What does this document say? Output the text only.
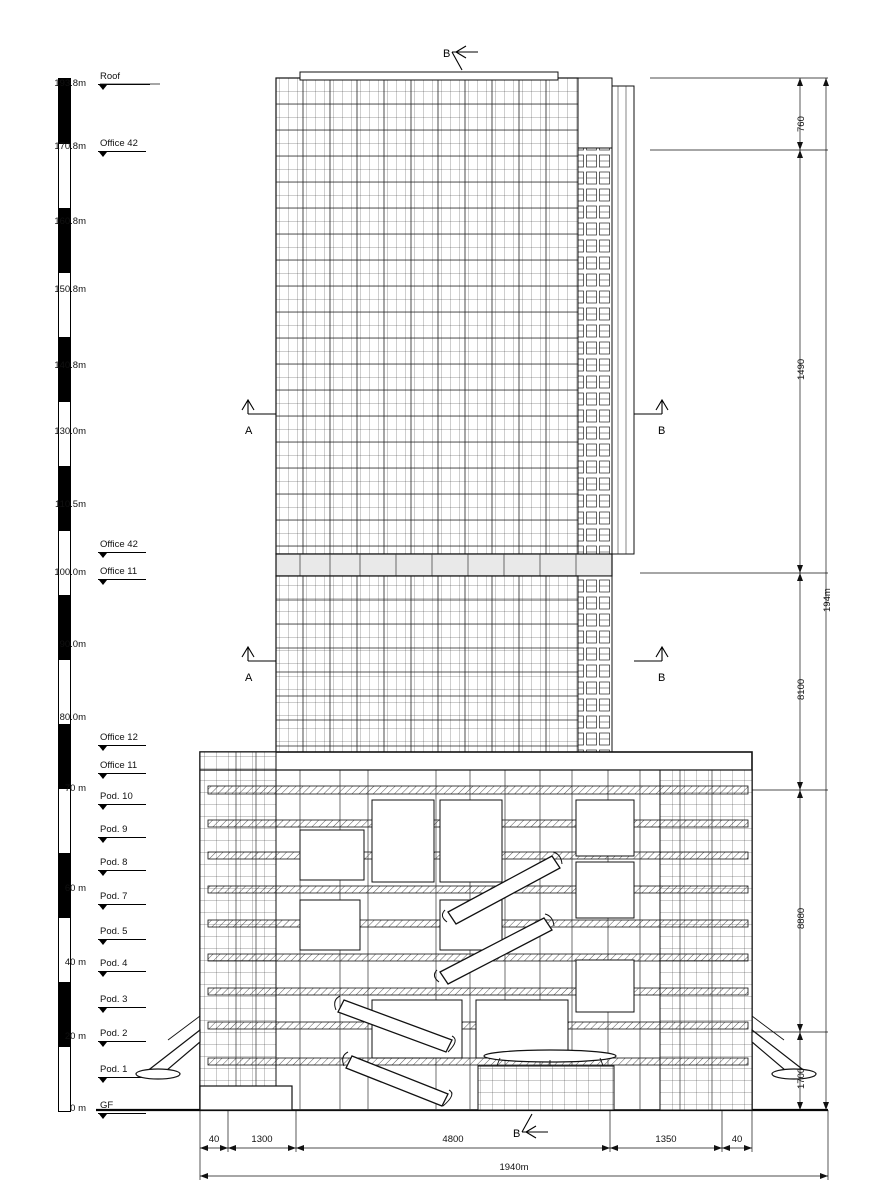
193.8m
170.8m
160.8m
150.8m
140.8m
130.0m
110.5m
100.0m
90.0m
80.0m
70 m
60 m
40 m
20 m
0 m
Roof
Office 42
Office 42
Office 11
Office 12
Office 11
Pod. 10
Pod. 9
Pod. 8
Pod. 7
Pod. 5
Pod. 4
Pod. 3
Pod. 2
Pod. 1
GF
760
1490
8100
8880
1700
194m
40	1300	4800	1350	40
1940m
B
A	B
A	B
B
